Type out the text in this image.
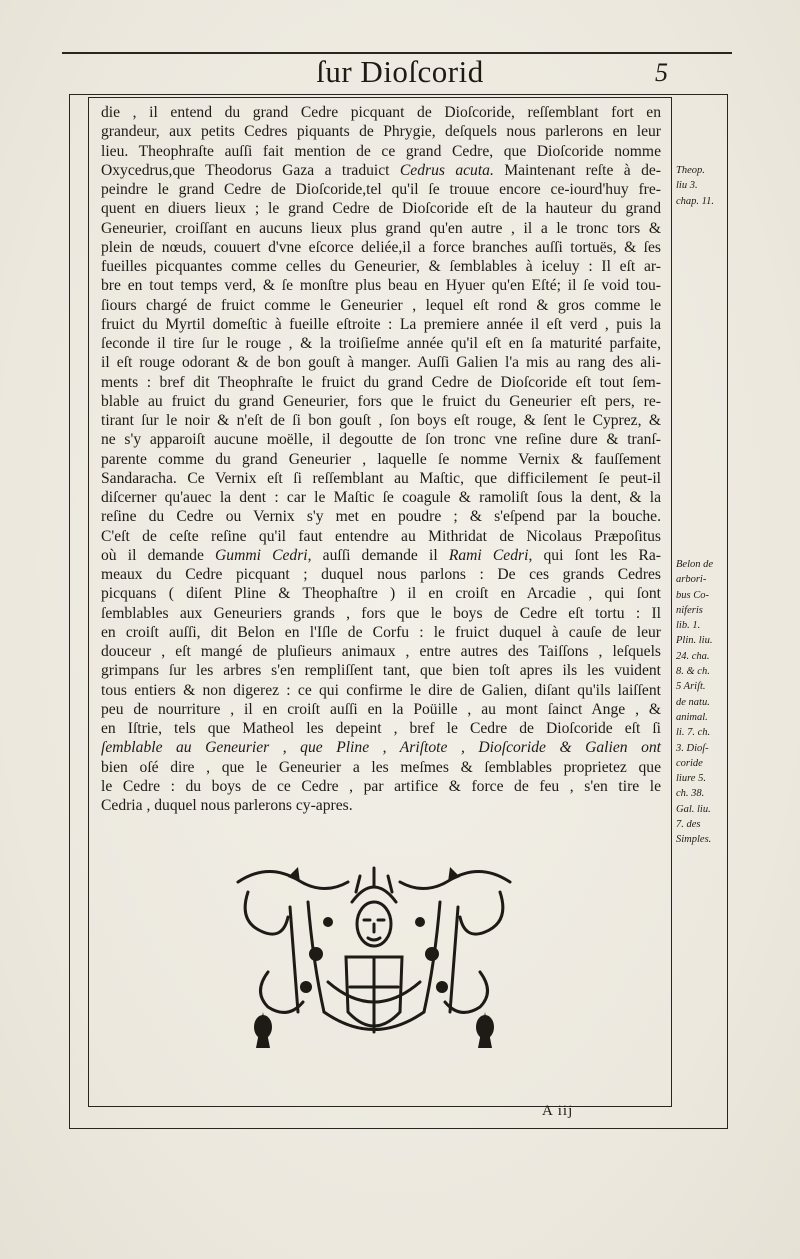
ſur Dioſcorid	5
die , il entend du grand Cedre picquant de Dioſcoride, reſſemblant fort en
grandeur, aux petits Cedres piquants de Phrygie, deſquels nous parlerons en leur
lieu. Theophraſte auſſi fait mention de ce grand Cedre, que Dioſcoride nomme
Oxycedrus,que Theodorus Gaza a traduict Cedrus acuta. Maintenant reſte à de-
peindre le grand Cedre de Dioſcoride,tel qu'il ſe trouue encore ce-iourd'huy fre-
quent en diuers lieux ; le grand Cedre de Dioſcoride eſt de la hauteur du grand
Geneurier, croiſſant en aucuns lieux plus grand qu'en autre , il a le tronc tors &
plein de nœuds, couuert d'vne eſcorce deliée,il a force branches auſſi tortuës, & ſes
fueilles picquantes comme celles du Geneurier, & ſemblables à iceluy : Il eſt ar-
bre en tout temps verd, & ſe monſtre plus beau en Hyuer qu'en Eſté; il ſe void tou-
ſiours chargé de fruict comme le Geneurier , lequel eſt rond & gros comme le
fruict du Myrtil domeſtic à fueille eſtroite : La premiere année il eſt verd , puis la
ſeconde il tire ſur le rouge , & la troiſieſme année qu'il eſt en ſa maturité parfaite,
il eſt rouge odorant & de bon gouſt à manger. Auſſi Galien l'a mis au rang des ali-
ments : bref dit Theophraſte le fruict du grand Cedre de Dioſcoride eſt tout ſem-
blable au fruict du grand Geneurier, fors que le fruict du Geneurier eſt pers, re-
tirant ſur le noir & n'eſt de ſi bon gouſt , ſon boys eſt rouge, & ſent le Cyprez, &
ne s'y apparoiſt aucune moëlle, il degoutte de ſon tronc vne reſine dure & tranſ-
parente comme du grand Geneurier , laquelle ſe nomme Vernix & fauſſement
Sandaracha. Ce Vernix eſt ſi reſſemblant au Maſtic, que difficilement ſe peut-il
diſcerner qu'auec la dent : car le Maſtic ſe coagule & ramoliſt ſous la dent, & la
reſine du Cedre ou Vernix s'y met en poudre ; & s'eſpend par la bouche.
C'eſt de ceſte reſine qu'il faut entendre au Mithridat de Nicolaus Præpoſitus
où il demande Gummi Cedri, auſſi demande il Rami Cedri, qui ſont les Ra-
meaux du Cedre picquant ; duquel nous parlons : De ces grands Cedres
picquans ( diſent Pline & Theophaſtre ) il en croiſt en Arcadie , qui ſont
ſemblables aux Geneuriers grands , fors que le boys de Cedre eſt tortu : Il
en croiſt auſſi, dit Belon en l'Iſle de Corfu : le fruict duquel à cauſe de leur
douceur , eſt mangé de pluſieurs animaux , entre autres des Taiſſons , leſquels
grimpans ſur les arbres s'en rempliſſent tant, que bien toſt apres ils les vuident
tous entiers & non digerez : ce qui confirme le dire de Galien, diſant qu'ils laiſſent
peu de nourriture , il en croiſt auſſi en la Poüille , au mont ſainct Ange , &
en Iſtrie, tels que Matheol les depeint , bref le Cedre de Dioſcoride eſt ſi
ſemblable au Geneurier , que Pline , Ariſtote , Dioſcoride & Galien ont
bien oſé dire , que le Geneurier a les meſmes & ſemblables proprietez que
le Cedre : du boys de ce Cedre , par artifice & force de feu , s'en tire le
Cedria , duquel nous parlerons cy-apres.
Theop.
liu 3.
chap. 11.
Belon de
arbori-
bus Co-
niferis
lib. 1.
Plin. liu.
24. cha.
8. & ch.
5 Ariſt.
de natu.
animal.
li. 7. ch.
3. Dioſ-
coride
liure 5.
ch. 38.
Gal. liu.
7. des
Simples.
A iij
